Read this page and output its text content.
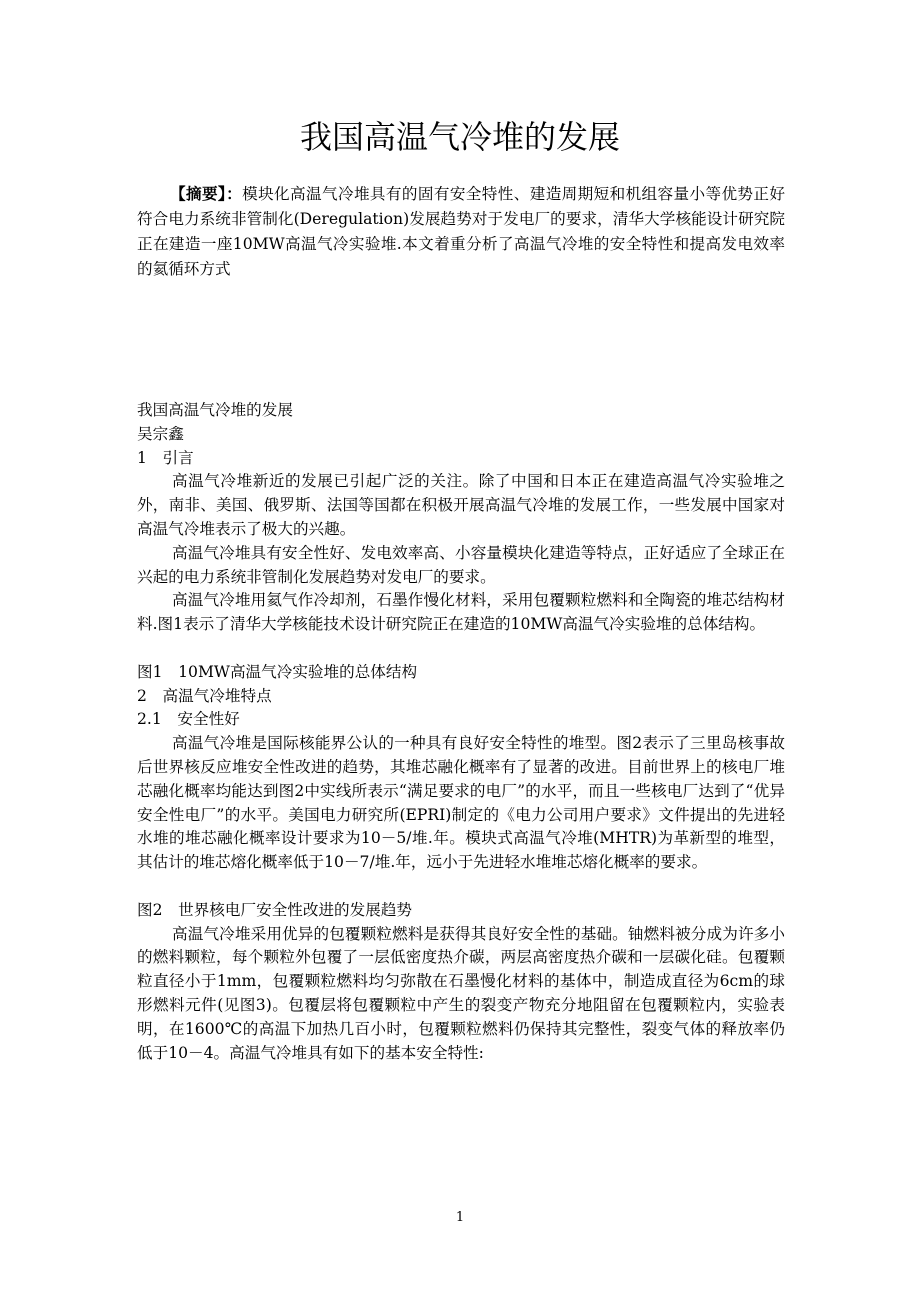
我国高温气冷堆的发展

【摘要】：模块化高温气冷堆具有的固有安全特性、建造周期短和机组容量小等优势正好符合电力系统非管制化(Deregulation)发展趋势对于发电厂的要求，清华大学核能设计研究院正在建造一座10MW高温气冷实验堆.本文着重分析了高温气冷堆的安全特性和提高发电效率的氦循环方式

我国高温气冷堆的发展

吴宗鑫

1　引言

高温气冷堆新近的发展已引起广泛的关注。除了中国和日本正在建造高温气冷实验堆之外，南非、美国、俄罗斯、法国等国都在积极开展高温气冷堆的发展工作，一些发展中国家对高温气冷堆表示了极大的兴趣。

高温气冷堆具有安全性好、发电效率高、小容量模块化建造等特点，正好适应了全球正在兴起的电力系统非管制化发展趋势对发电厂的要求。

高温气冷堆用氦气作冷却剂，石墨作慢化材料，采用包覆颗粒燃料和全陶瓷的堆芯结构材料.图1表示了清华大学核能技术设计研究院正在建造的10MW高温气冷实验堆的总体结构。

图1　10MW高温气冷实验堆的总体结构

2　高温气冷堆特点

2.1　安全性好

高温气冷堆是国际核能界公认的一种具有良好安全特性的堆型。图2表示了三里岛核事故后世界核反应堆安全性改进的趋势，其堆芯融化概率有了显著的改进。目前世界上的核电厂堆芯融化概率均能达到图2中实线所表示“满足要求的电厂”的水平，而且一些核电厂达到了“优异安全性电厂”的水平。美国电力研究所(EPRI)制定的《电力公司用户要求》文件提出的先进轻水堆的堆芯融化概率设计要求为10－5/堆.年。模块式高温气冷堆(MHTR)为革新型的堆型，其估计的堆芯熔化概率低于10－7/堆.年，远小于先进轻水堆堆芯熔化概率的要求。

图2　世界核电厂安全性改进的发展趋势

高温气冷堆采用优异的包覆颗粒燃料是获得其良好安全性的基础。铀燃料被分成为许多小的燃料颗粒，每个颗粒外包覆了一层低密度热介碳，两层高密度热介碳和一层碳化硅。包覆颗粒直径小于1mm，包覆颗粒燃料均匀弥散在石墨慢化材料的基体中，制造成直径为6cm的球形燃料元件(见图3)。包覆层将包覆颗粒中产生的裂变产物充分地阻留在包覆颗粒内，实验表明，在1600℃的高温下加热几百小时，包覆颗粒燃料仍保持其完整性，裂变气体的释放率仍低于10－4。高温气冷堆具有如下的基本安全特性:

1
